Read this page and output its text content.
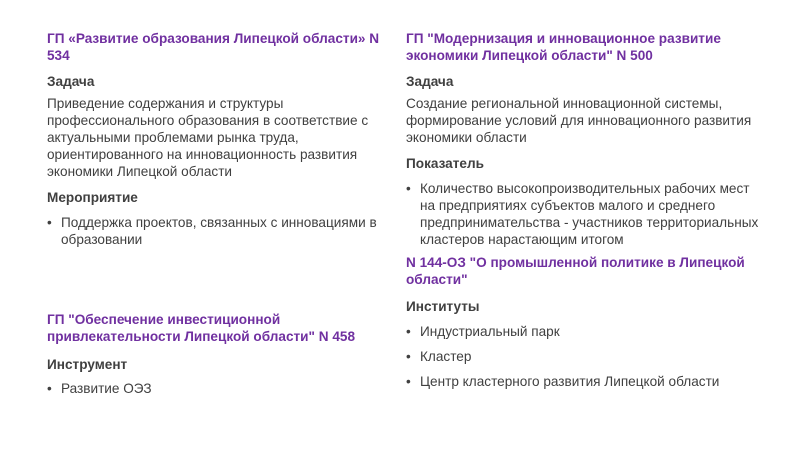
ГП «Развитие образования Липецкой области» N 534

Задача

Приведение содержания и структуры профессионального образования в соответствие с актуальными проблемами рынка труда, ориентированного на инновационность развития экономики Липецкой области

Мероприятие

• Поддержка проектов, связанных с инновациями в образовании

ГП "Обеспечение инвестиционной привлекательности Липецкой области" N 458

Инструмент

• Развитие ОЭЗ

ГП "Модернизация и инновационное развитие экономики Липецкой области" N 500

Задача

Создание региональной инновационной системы, формирование условий для инновационного развития экономики области

Показатель

• Количество высокопроизводительных рабочих мест на предприятиях субъектов малого и среднего предпринимательства - участников территориальных кластеров нарастающим итогом

N 144-ОЗ "О промышленной политике в Липецкой области"

Институты

• Индустриальный парк
• Кластер
• Центр кластерного развития Липецкой области
